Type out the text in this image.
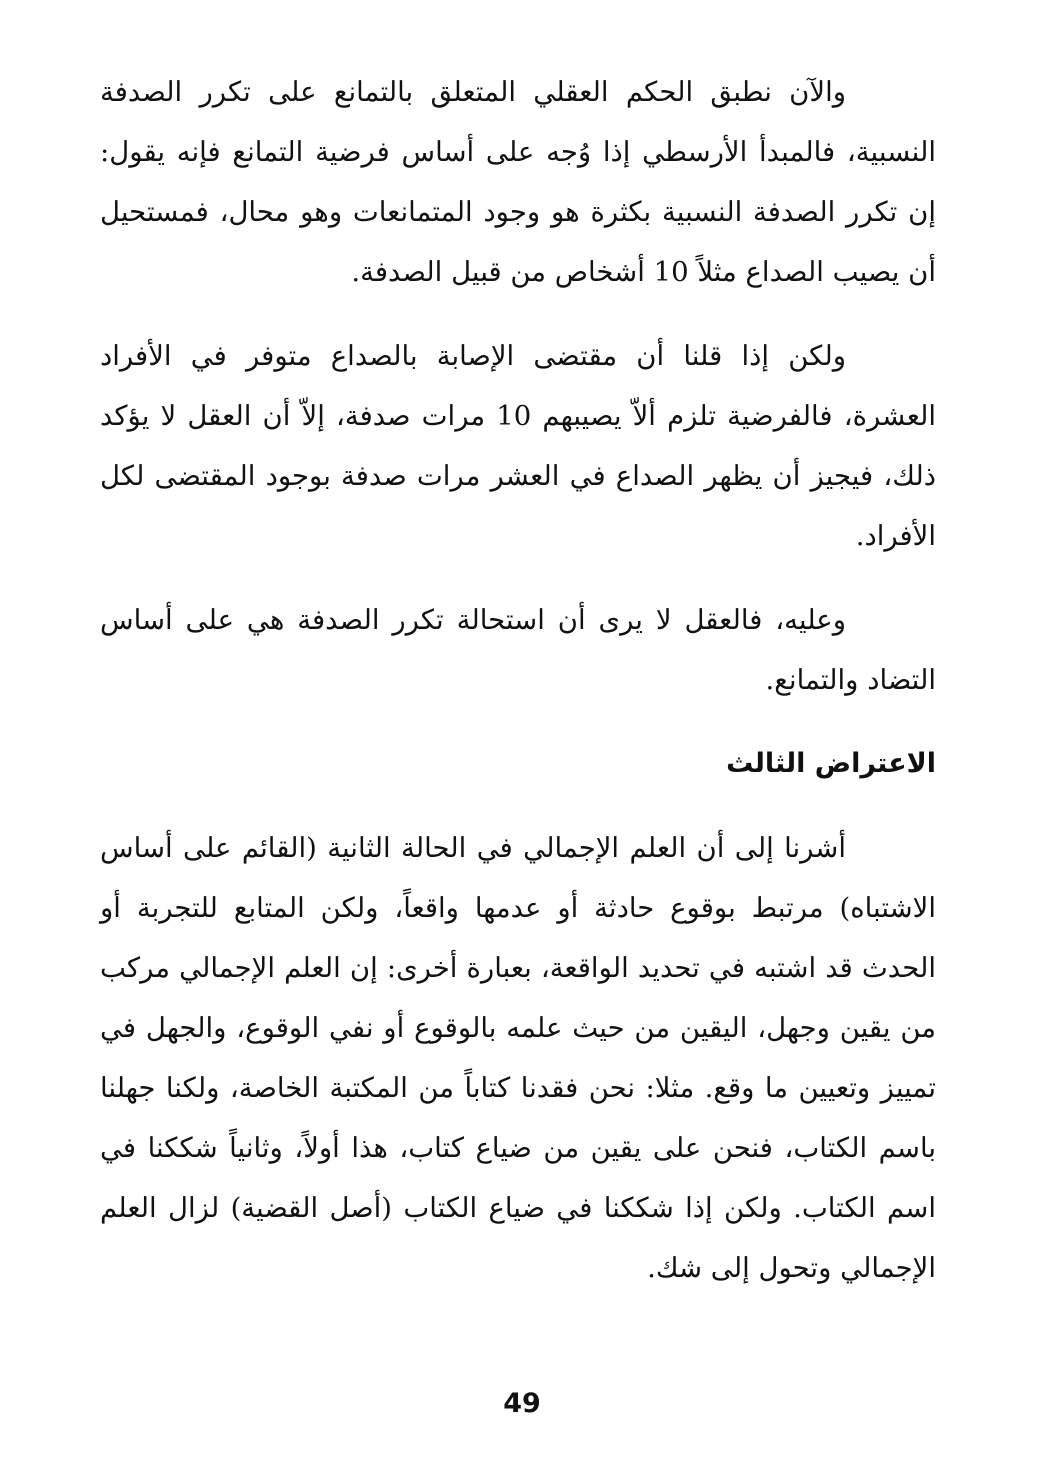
والآن نطبق الحكم العقلي المتعلق بالتمانع على تكرر الصدفة النسبية، فالمبدأ الأرسطي إذا وُجه على أساس فرضية التمانع فإنه يقول: إن تكرر الصدفة النسبية بكثرة هو وجود المتمانعات وهو محال، فمستحيل أن يصيب الصداع مثلاً 10 أشخاص من قبيل الصدفة.

ولكن إذا قلنا أن مقتضى الإصابة بالصداع متوفر في الأفراد العشرة، فالفرضية تلزم ألاّ يصيبهم 10 مرات صدفة، إلاّ أن العقل لا يؤكد ذلك، فيجيز أن يظهر الصداع في العشر مرات صدفة بوجود المقتضى لكل الأفراد.

وعليه، فالعقل لا يرى أن استحالة تكرر الصدفة هي على أساس التضاد والتمانع.

الاعتراض الثالث

أشرنا إلى أن العلم الإجمالي في الحالة الثانية (القائم على أساس الاشتباه) مرتبط بوقوع حادثة أو عدمها واقعاً، ولكن المتابع للتجربة أو الحدث قد اشتبه في تحديد الواقعة، بعبارة أخرى: إن العلم الإجمالي مركب من يقين وجهل، اليقين من حيث علمه بالوقوع أو نفي الوقوع، والجهل في تمييز وتعيين ما وقع. مثلا: نحن فقدنا كتاباً من المكتبة الخاصة، ولكنا جهلنا باسم الكتاب، فنحن على يقين من ضياع كتاب، هذا أولاً، وثانياً شككنا في اسم الكتاب. ولكن إذا شككنا في ضياع الكتاب (أصل القضية) لزال العلم الإجمالي وتحول إلى شك.

49
